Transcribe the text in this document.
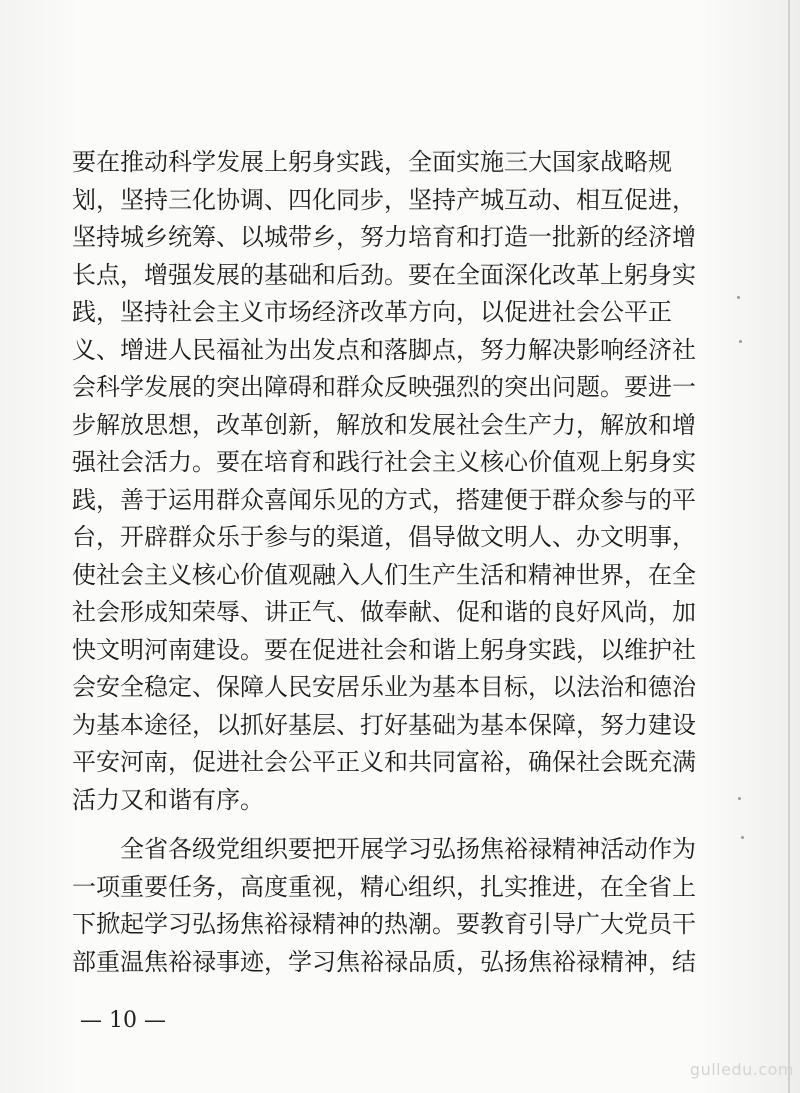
要在推动科学发展上躬身实践，全面实施三大国家战略规
划，坚持三化协调、四化同步，坚持产城互动、相互促进，
坚持城乡统筹、以城带乡，努力培育和打造一批新的经济增
长点，增强发展的基础和后劲。要在全面深化改革上躬身实
践，坚持社会主义市场经济改革方向，以促进社会公平正
义、增进人民福祉为出发点和落脚点，努力解决影响经济社
会科学发展的突出障碍和群众反映强烈的突出问题。要进一
步解放思想，改革创新，解放和发展社会生产力，解放和增
强社会活力。要在培育和践行社会主义核心价值观上躬身实
践，善于运用群众喜闻乐见的方式，搭建便于群众参与的平
台，开辟群众乐于参与的渠道，倡导做文明人、办文明事，
使社会主义核心价值观融入人们生产生活和精神世界，在全
社会形成知荣辱、讲正气、做奉献、促和谐的良好风尚，加
快文明河南建设。要在促进社会和谐上躬身实践，以维护社
会安全稳定、保障人民安居乐业为基本目标，以法治和德治
为基本途径，以抓好基层、打好基础为基本保障，努力建设
平安河南，促进社会公平正义和共同富裕，确保社会既充满
活力又和谐有序。
全省各级党组织要把开展学习弘扬焦裕禄精神活动作为
一项重要任务，高度重视，精心组织，扎实推进，在全省上
下掀起学习弘扬焦裕禄精神的热潮。要教育引导广大党员干
部重温焦裕禄事迹，学习焦裕禄品质，弘扬焦裕禄精神，结
— 10 —
gulledu.com
